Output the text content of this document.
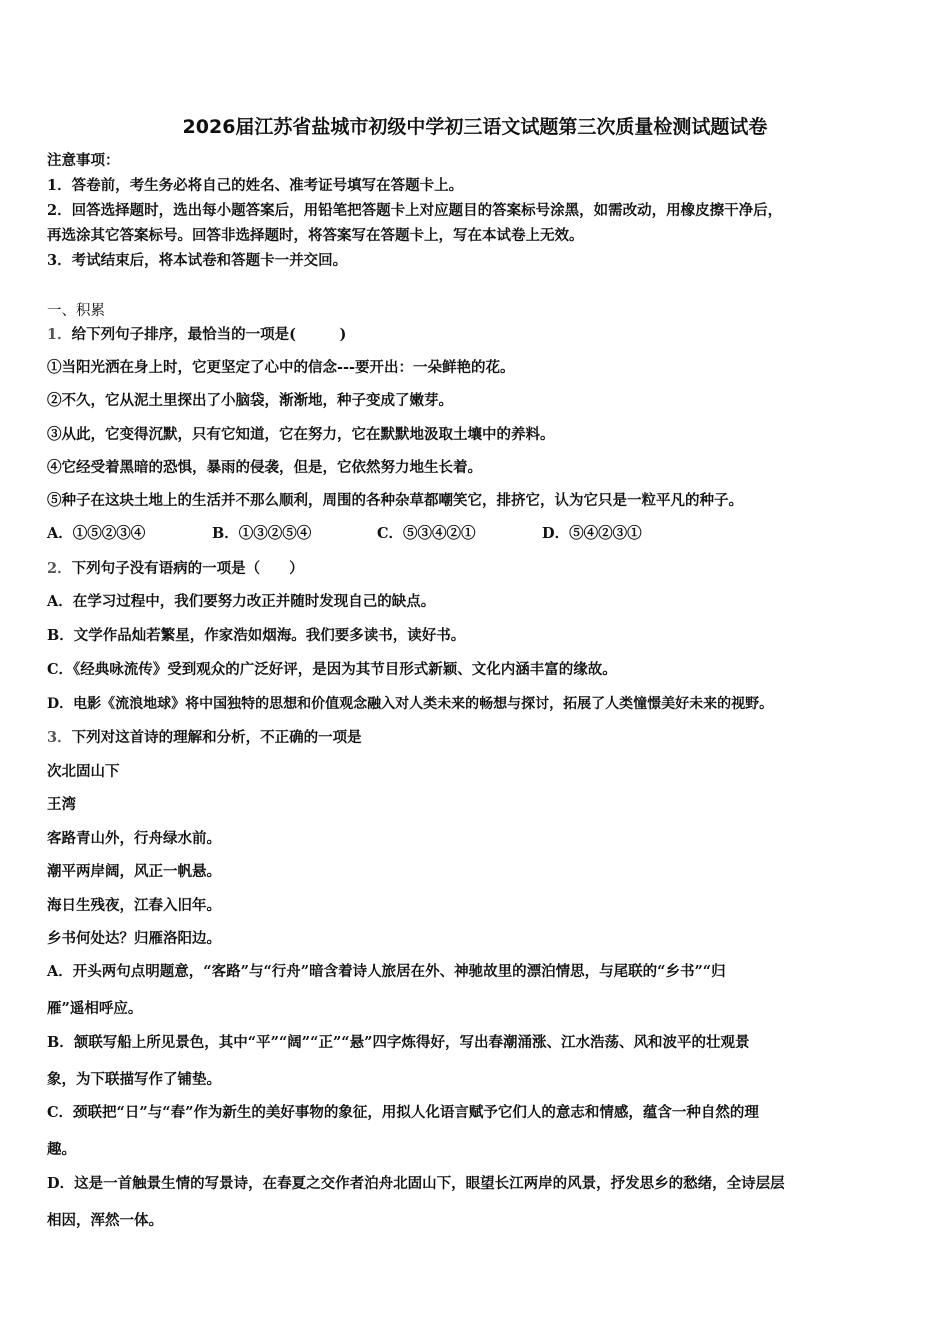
2026届江苏省盐城市初级中学初三语文试题第三次质量检测试题试卷
注意事项：
1．答卷前，考生务必将自己的姓名、准考证号填写在答题卡上。
2．回答选择题时，选出每小题答案后，用铅笔把答题卡上对应题目的答案标号涂黑，如需改动，用橡皮擦干净后，
再选涂其它答案标号。回答非选择题时，将答案写在答题卡上，写在本试卷上无效。
3．考试结束后，将本试卷和答题卡一并交回。
一、积累
1．给下列句子排序，最恰当的一项是(　　　)
①当阳光洒在身上时，它更坚定了心中的信念---要开出：一朵鲜艳的花。
②不久，它从泥土里探出了小脑袋，渐渐地，种子变成了嫩芽。
③从此，它变得沉默，只有它知道，它在努力，它在默默地汲取土壤中的养料。
④它经受着黑暗的恐惧，暴雨的侵袭，但是，它依然努力地生长着。
⑤种子在这块土地上的生活并不那么顺利，周围的各种杂草都嘲笑它，排挤它，认为它只是一粒平凡的种子。
A．①⑤②③④	B．①③②⑤④	C．⑤③④②①	D．⑤④②③①
2．下列句子没有语病的一项是（　　）
A．在学习过程中，我们要努力改正并随时发现自己的缺点。
B．文学作品灿若繁星，作家浩如烟海。我们要多读书，读好书。
C．《经典咏流传》受到观众的广泛好评，是因为其节目形式新颖、文化内涵丰富的缘故。
D．电影《流浪地球》将中国独特的思想和价值观念融入对人类未来的畅想与探讨，拓展了人类憧憬美好未来的视野。
3．下列对这首诗的理解和分析，不正确的一项是
次北固山下
王湾
客路青山外，行舟绿水前。
潮平两岸阔，风正一帆悬。
海日生残夜，江春入旧年。
乡书何处达？归雁洛阳边。
A．开头两句点明题意，“客路”与“行舟”暗含着诗人旅居在外、神驰故里的漂泊情思，与尾联的“乡书”“归
雁”遥相呼应。
B．颔联写船上所见景色，其中“平”“阔”“正”“悬”四字炼得好，写出春潮涌涨、江水浩荡、风和波平的壮观景
象，为下联描写作了铺垫。
C．颈联把“日”与“春”作为新生的美好事物的象征，用拟人化语言赋予它们人的意志和情感，蕴含一种自然的理
趣。
D．这是一首触景生情的写景诗，在春夏之交作者泊舟北固山下，眼望长江两岸的风景，抒发思乡的愁绪，全诗层层
相因，浑然一体。
